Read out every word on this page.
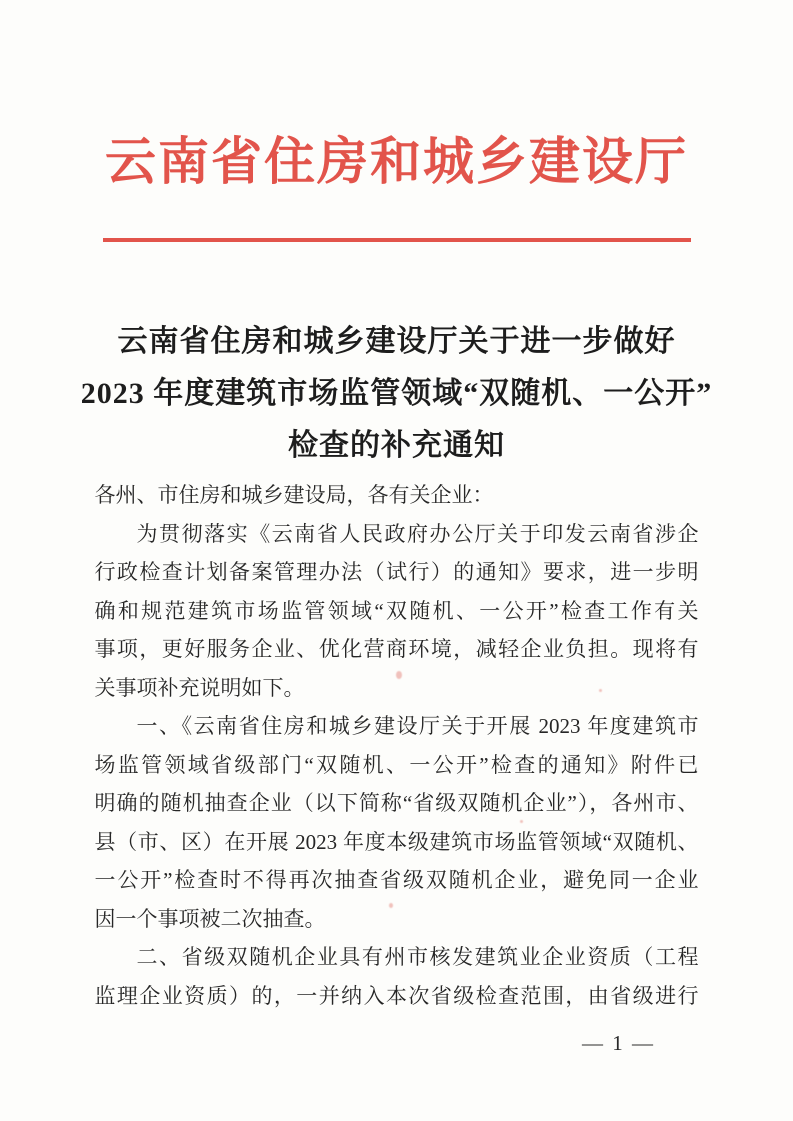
云南省住房和城乡建设厅
云南省住房和城乡建设厅关于进一步做好
2023 年度建筑市场监管领域“双随机、一公开”
检查的补充通知
各州、市住房和城乡建设局，各有关企业：
为贯彻落实《云南省人民政府办公厅关于印发云南省涉企
行政检查计划备案管理办法（试行）的通知》要求，进一步明
确和规范建筑市场监管领域“双随机、一公开”检查工作有关
事项，更好服务企业、优化营商环境，减轻企业负担。现将有
关事项补充说明如下。
一、《云南省住房和城乡建设厅关于开展 2023 年度建筑市
场监管领域省级部门“双随机、一公开”检查的通知》附件已
明确的随机抽查企业（以下简称“省级双随机企业”），各州市、
县（市、区）在开展 2023 年度本级建筑市场监管领域“双随机、
一公开”检查时不得再次抽查省级双随机企业，避免同一企业
因一个事项被二次抽查。
二、省级双随机企业具有州市核发建筑业企业资质（工程
监理企业资质）的，一并纳入本次省级检查范围，由省级进行
— 1 —
